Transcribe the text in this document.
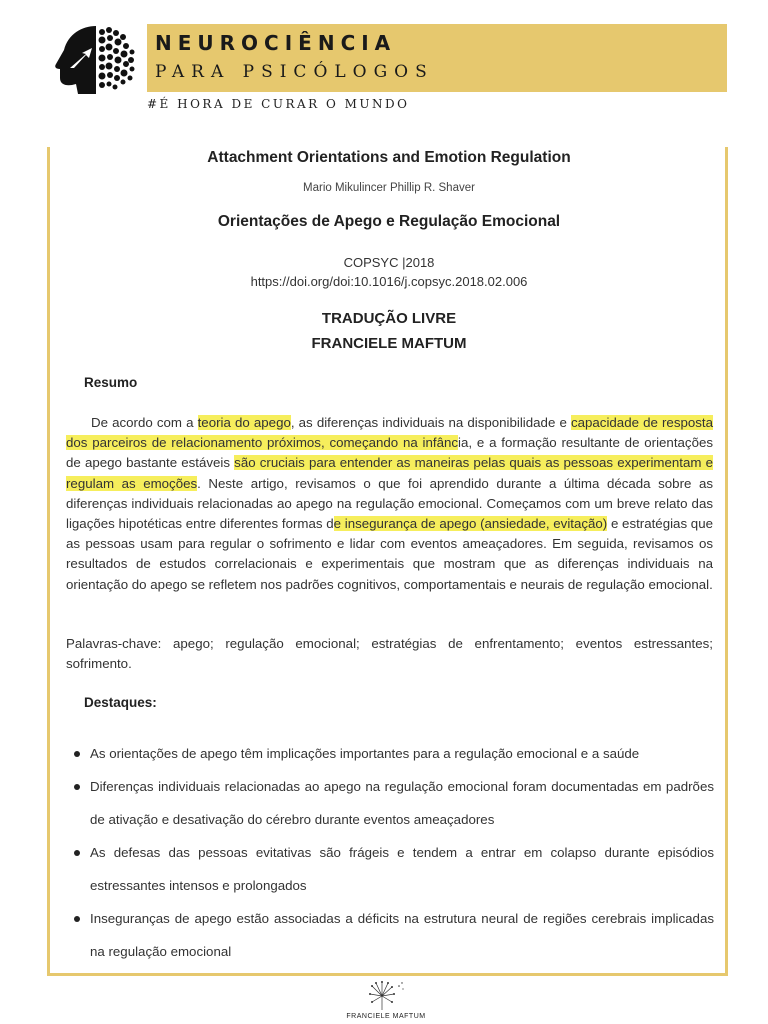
NEUROCIÊNCIA
PARA PSICÓLOGOS
#É HORA DE CURAR O MUNDO
Attachment Orientations and Emotion Regulation
Mario Mikulincer Phillip R. Shaver
Orientações de Apego e Regulação Emocional
COPSYC |2018
https://doi.org/doi:10.1016/j.copsyc.2018.02.006
TRADUÇÃO LIVRE
FRANCIELE MAFTUM
Resumo

De acordo com a teoria do apego, as diferenças individuais na disponibilidade e capacidade de resposta dos parceiros de relacionamento próximos, começando na infância, e a formação resultante de orientações de apego bastante estáveis são cruciais para entender as maneiras pelas quais as pessoas experimentam e regulam as emoções. Neste artigo, revisamos o que foi aprendido durante a última década sobre as diferenças individuais relacionadas ao apego na regulação emocional. Começamos com um breve relato das ligações hipotéticas entre diferentes formas de insegurança de apego (ansiedade, evitação) e estratégias que as pessoas usam para regular o sofrimento e lidar com eventos ameaçadores. Em seguida, revisamos os resultados de estudos correlacionais e experimentais que mostram que as diferenças individuais na orientação do apego se refletem nos padrões cognitivos, comportamentais e neurais de regulação emocional.

Palavras-chave: apego; regulação emocional; estratégias de enfrentamento; eventos estressantes; sofrimento.

Destaques:
As orientações de apego têm implicações importantes para a regulação emocional e a saúde
Diferenças individuais relacionadas ao apego na regulação emocional foram documentadas em padrões de ativação e desativação do cérebro durante eventos ameaçadores
As defesas das pessoas evitativas são frágeis e tendem a entrar em colapso durante episódios estressantes intensos e prolongados
Inseguranças de apego estão associadas a déficits na estrutura neural de regiões cerebrais implicadas na regulação emocional
FRANCIELE MAFTUM
